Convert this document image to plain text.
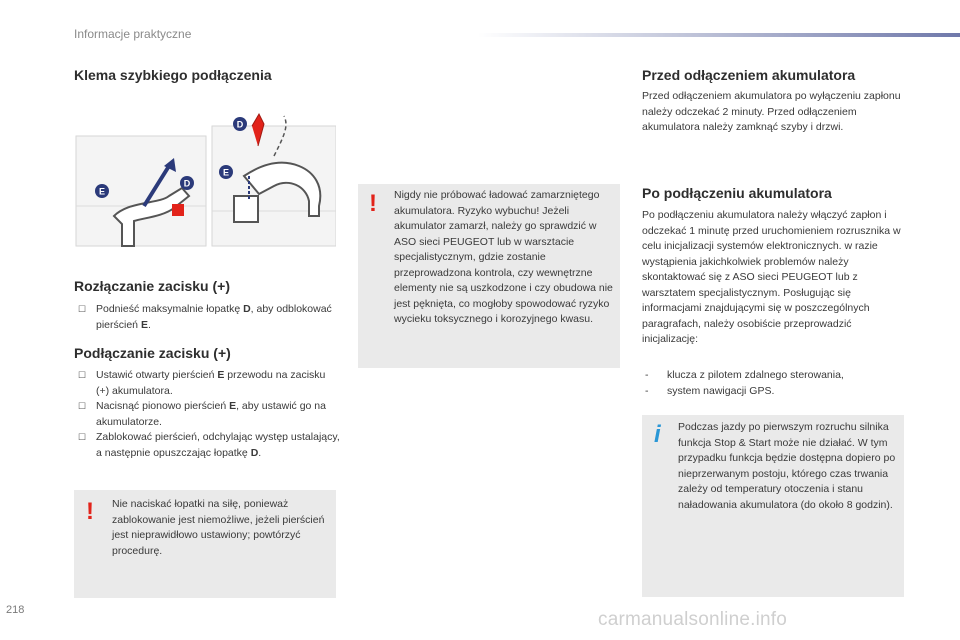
Informacje praktyczne
Klema szybkiego podłączenia
D
D
E
E
Rozłączanie zacisku (+)
☐ Podnieść maksymalnie łopatkę D, aby odblokować pierścień E.
Podłączanie zacisku (+)
☐ Ustawić otwarty pierścień E przewodu na zacisku (+) akumulatora.
☐ Nacisnąć pionowo pierścień E, aby ustawić go na akumulatorze.
☐ Zablokować pierścień, odchylając występ ustalający, a następnie opuszczając łopatkę D.
! Nie naciskać łopatki na siłę, ponieważ zablokowanie jest niemożliwe, jeżeli pierścień jest nieprawidłowo ustawiony; powtórzyć procedurę.
! Nigdy nie próbować ładować zamarzniętego akumulatora. Ryzyko wybuchu! Jeżeli akumulator zamarzł, należy go sprawdzić w ASO sieci PEUGEOT lub w warsztacie specjalistycznym, gdzie zostanie przeprowadzona kontrola, czy wewnętrzne elementy nie są uszkodzone i czy obudowa nie jest pęknięta, co mogłoby spowodować ryzyko wycieku toksycznego i korozyjnego kwasu.
Przed odłączeniem akumulatora

Przed odłączeniem akumulatora po wyłączeniu zapłonu należy odczekać 2 minuty. Przed odłączeniem akumulatora należy zamknąć szyby i drzwi.

Po podłączeniu akumulatora

Po podłączeniu akumulatora należy włączyć zapłon i odczekać 1 minutę przed uruchomieniem rozrusznika w celu inicjalizacji systemów elektronicznych. w razie wystąpienia jakichkolwiek problemów należy skontaktować się z ASO sieci PEUGEOT lub z warsztatem specjalistycznym. Posługując się informacjami znajdującymi się w poszczególnych paragrafach, należy osobiście przeprowadzić inicjalizację:

- klucza z pilotem zdalnego sterowania,
- system nawigacji GPS.
i Podczas jazdy po pierwszym rozruchu silnika funkcja Stop & Start może nie działać. W tym przypadku funkcja będzie dostępna dopiero po nieprzerwanym postoju, którego czas trwania zależy od temperatury otoczenia i stanu naładowania akumulatora (do około 8 godzin).
218	carmanualsonline.info
